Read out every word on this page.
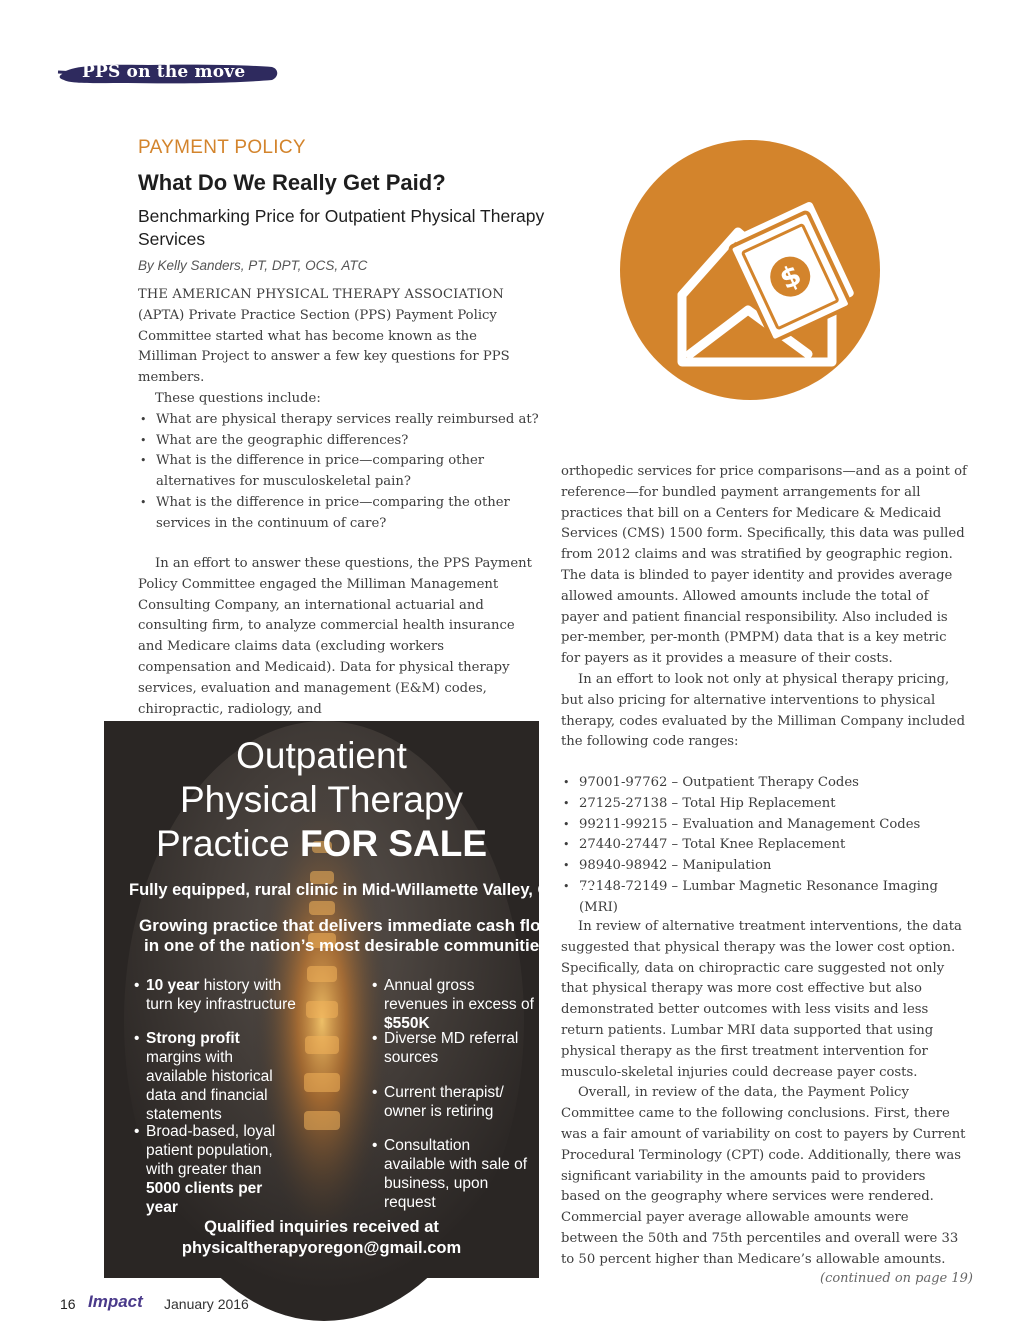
PPS on the move
PAYMENT POLICY
What Do We Really Get Paid?
Benchmarking Price for Outpatient Physical Therapy Services
By Kelly Sanders, PT, DPT, OCS, ATC

THE AMERICAN PHYSICAL THERAPY ASSOCIATION (APTA) Private Practice Section (PPS) Payment Policy Committee started what has become known as the Milliman Project to answer a few key questions for PPS members.

These questions include:

• What are physical therapy services really reimbursed at?
• What are the geographic differences?
• What is the difference in price—comparing other alternatives for musculoskeletal pain?
• What is the difference in price—comparing the other services in the continuum of care?

In an effort to answer these questions, the PPS Payment Policy Committee engaged the Milliman Management Consulting Company, an international actuarial and consulting firm, to analyze commercial health insurance and Medicare claims data (excluding workers compensation and Medicaid). Data for physical therapy services, evaluation and management (E&M) codes, chiropractic, radiology, and

$

orthopedic services for price comparisons—and as a point of reference—for bundled payment arrangements for all practices that bill on a Centers for Medicare & Medicaid Services (CMS) 1500 form. Specifically, this data was pulled from 2012 claims and was stratified by geographic region. The data is blinded to payer identity and provides average allowed amounts. Allowed amounts include the total of payer and patient financial responsibility. Also included is per-member, per-month (PMPM) data that is a key metric for payers as it provides a measure of their costs.

In an effort to look not only at physical therapy pricing, but also pricing for alternative interventions to physical therapy, codes evaluated by the Milliman Company included the following code ranges:

• 97001-97762 – Outpatient Therapy Codes
• 27125-27138 – Total Hip Replacement
• 99211-99215 – Evaluation and Management Codes
• 27440-27447 – Total Knee Replacement
• 98940-98942 – Manipulation
• 72148-72149 – Lumbar Magnetic Resonance Imaging (MRI)

In review of alternative treatment interventions, the data suggested that physical therapy was the lower cost option. Specifically, data on chiropractic care suggested not only that physical therapy was more cost effective but also demonstrated better outcomes with less visits and less return patients. Lumbar MRI data supported that using physical therapy as the first treatment intervention for musculo-skeletal injuries could decrease payer costs.

Overall, in review of the data, the Payment Policy Committee came to the following conclusions. First, there was a fair amount of variability on cost to payers by Current Procedural Terminology (CPT) code. Additionally, there was significant variability in the amounts paid to providers based on the geography where services were rendered. Commercial payer average allowable amounts were between the 50th and 75th percentiles and overall were 33 to 50 percent higher than Medicare’s allowable amounts.

(continued on page 19)
Outpatient
Physical Therapy
Practice FOR SALE
Fully equipped, rural clinic in Mid-Willamette Valley, Oregon
Growing practice that delivers immediate cash flow
in one of the nation’s most desirable communities
• 10 year history with turn key infrastructure
• Strong profit margins with available historical data and financial statements
• Broad-based, loyal patient population, with greater than 5000 clients per year
• Annual gross revenues in excess of $550K
• Diverse MD referral sources
• Current therapist/ owner is retiring
• Consultation available with sale of business, upon request
Qualified inquiries received at
physicaltherapyoregon@gmail.com
16 Impact January 2016
